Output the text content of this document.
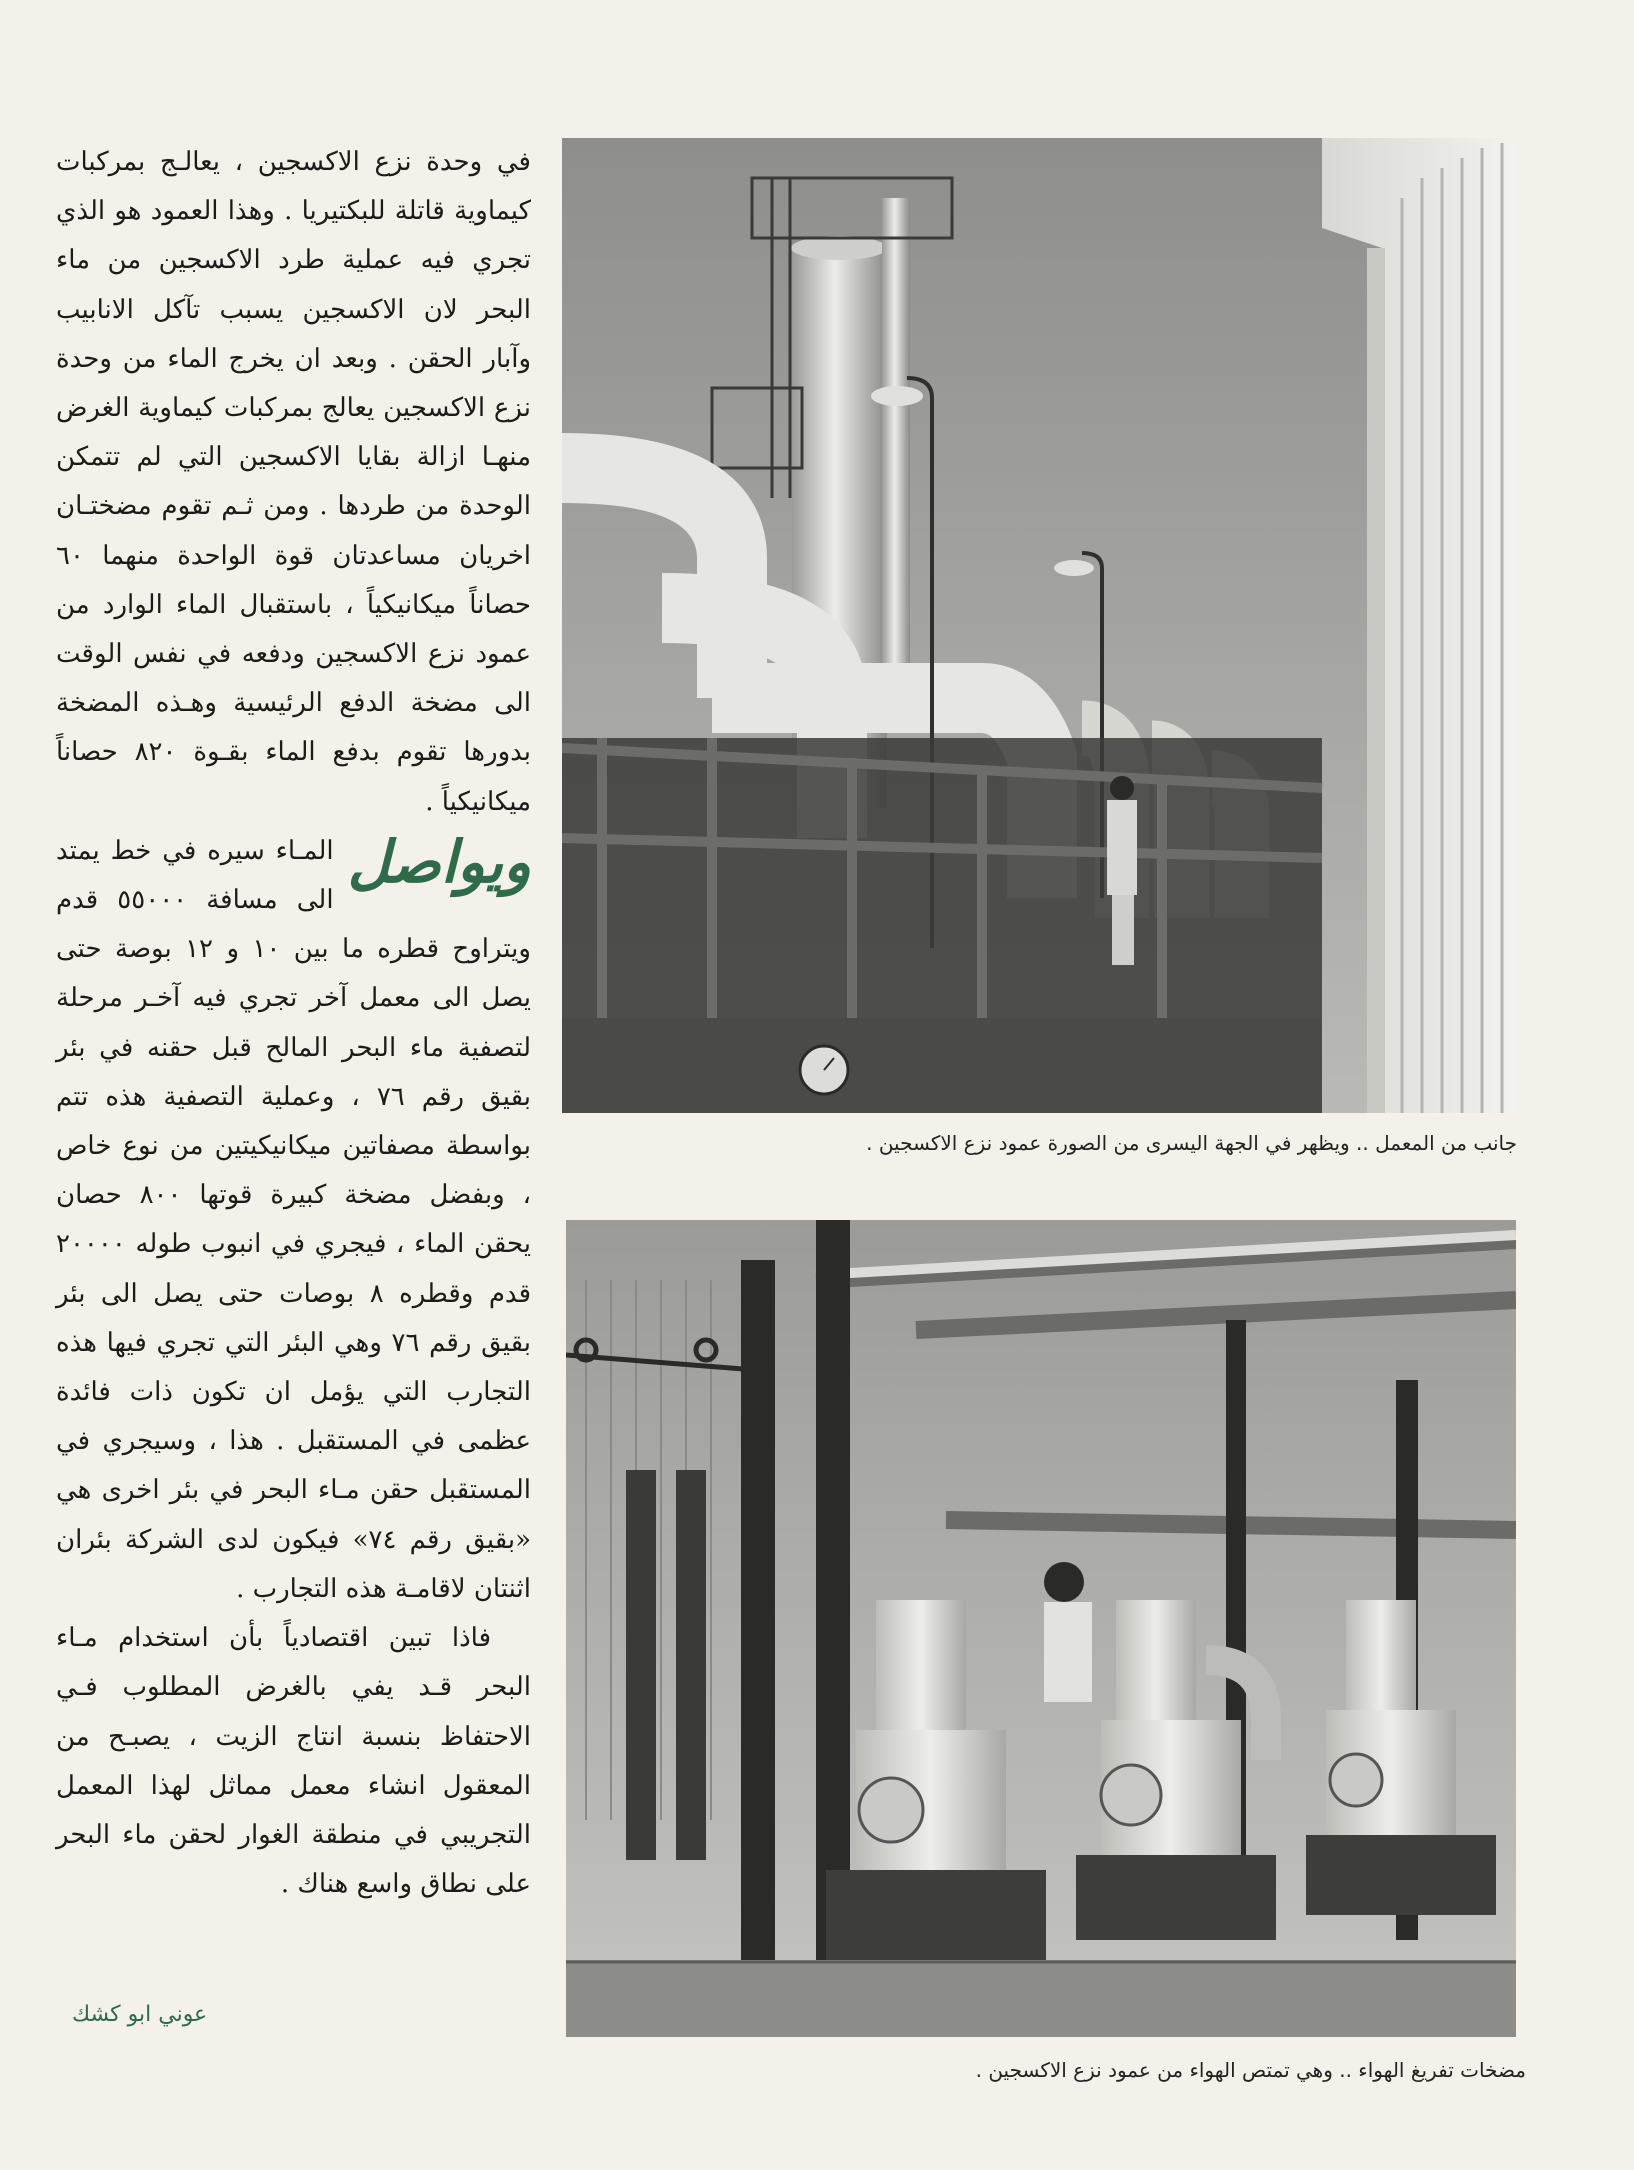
في وحدة نزع الاكسجين ، يعالـج بمركبات كيماوية قاتلة للبكتيريا . وهذا العمود هو الذي تجري فيه عملية طرد الاكسجين من ماء البحر لان الاكسجين يسبب تآكل الانابيب وآبار الحقن . وبعد ان يخرج الماء من وحدة نزع الاكسجين يعالج بمركبات كيماوية الغرض منهـا ازالة بقايا الاكسجين التي لم تتمكن الوحدة من طردها . ومن ثـم تقوم مضختـان اخريان مساعدتان قوة الواحدة منهما ٦٠ حصاناً ميكانيكياً ، باستقبال الماء الوارد من عمود نزع الاكسجين ودفعه في نفس الوقت الى مضخة الدفع الرئيسية وهـذه المضخة بدورها تقوم بدفع الماء بقـوة ٨٢٠ حصاناً ميكانيكياً .

ويواصل
المـاء سيره في خط يمتد الى مسافة ٥٥٠٠٠ قدم ويتراوح قطره ما بين ١٠ و ١٢ بوصة حتى يصل الى معمل آخر تجري فيه آخـر مرحلة لتصفية ماء البحر المالح قبل حقنه في بئر بقيق رقم ٧٦ ، وعملية التصفية هذه تتم بواسطة مصفاتين ميكانيكيتين من نوع خاص ، وبفضل مضخة كبيرة قوتها ٨٠٠ حصان يحقن الماء ، فيجري في انبوب طوله ٢٠٠٠٠ قدم وقطره ٨ بوصات حتى يصل الى بئر بقيق رقم ٧٦ وهي البئر التي تجري فيها هذه التجارب التي يؤمل ان تكون ذات فائدة عظمى في المستقبل . هذا ، وسيجري في المستقبل حقن مـاء البحر في بئر اخرى هي «بقيق رقم ٧٤» فيكون لدى الشركة بئران اثنتان لاقامـة هذه التجارب .

فاذا تبين اقتصادياً بأن استخدام مـاء البحر قـد يفي بالغرض المطلوب فـي الاحتفاظ بنسبة انتاج الزيت ، يصبـح من المعقول انشاء معمل مماثل لهذا المعمل التجريبي في منطقة الغوار لحقن ماء البحر على نطاق واسع هناك .

عوني ابو كشك
جانب من المعمل .. ويظهر في الجهة اليسرى من الصورة عمود نزع الاكسجين .
مضخات تفريغ الهواء .. وهي تمتص الهواء من عمود نزع الاكسجين .
